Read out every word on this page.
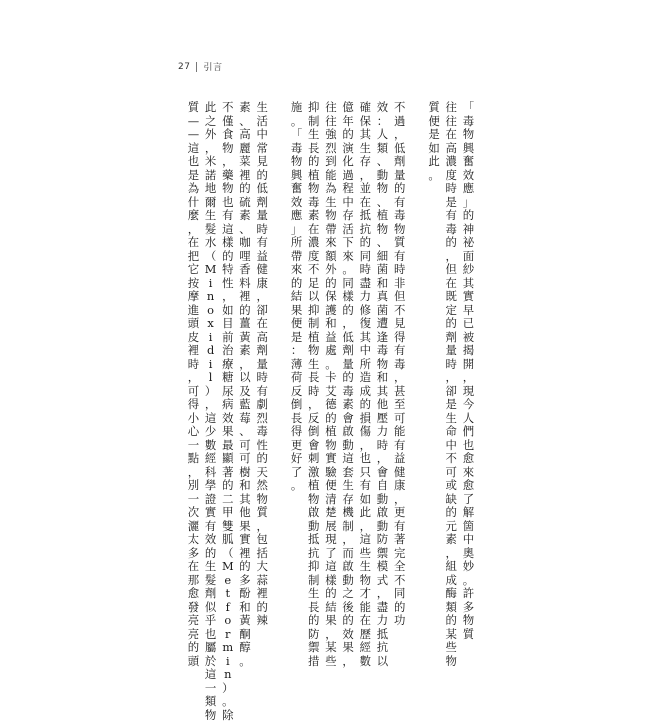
27 引言
「
毒
物
興
奮
效
應
」
的
神
祕
面
紗
其
實
早
已
被
揭
開
，
現
今
人
們
也
愈
來
愈
了
解
箇
中
奧
妙
。
許
多
物
質
往
往
在
高
濃
度
時
是
有
毒
的
，
但
在
既
定
的
劑
量
時
，
卻
是
生
命
中
不
可
或
缺
的
元
素
，
組
成
酶
類
的
某
些
物
質
便
是
如
此
。
不
過
，
低
劑
量
的
有
毒
物
質
有
時
非
但
不
見
得
有
毒
，
甚
至
可
能
有
益
健
康
，
更
有
著
完
全
不
同
的
功
效
：
人
類
、
動
物
、
植
物
、
細
菌
和
真
菌
遭
逢
毒
物
和
其
他
壓
力
時
，
會
自
動
啟
動
防
禦
模
式
，
盡
力
抵
抗
以
確
保
其
生
存
，
並
在
抵
抗
的
同
時
盡
力
修
復
其
中
所
造
成
的
損
傷
，
也
只
有
如
此
，
這
些
生
物
才
能
在
歷
經
數
億
年
的
演
化
過
程
中
存
活
下
來
。
同
樣
的
，
低
劑
量
的
毒
素
會
啟
動
這
套
生
存
機
制
，
而
啟
動
之
後
的
效
果
，
往
往
強
烈
到
能
為
生
物
帶
來
額
外
的
保
護
和
益
處
。
卡
艾
德
的
植
物
實
驗
便
清
楚
展
現
了
這
樣
的
結
果
，
某
些
抑
制
生
長
的
植
物
毒
素
在
濃
度
不
足
以
抑
制
植
物
生
長
時
，
反
倒
會
刺
激
植
物
啟
動
抵
抗
抑
制
生
長
的
防
禦
措
施
。
「
毒
物
興
奮
效
應
」
所
帶
來
的
結
果
便
是
：
薄
荷
反
倒
長
得
更
好
了
。
生
活
中
常
見
的
低
劑
量
時
有
益
健
康
，
卻
在
高
劑
量
時
有
劇
烈
毒
性
的
天
然
物
質
，
包
括
大
蒜
裡
的
辣
素
、
高
麗
菜
裡
的
硫
素
、
咖
哩
香
料
裡
的
薑
黃
素
，
以
及
藍
莓
、
可
可
樹
和
其
他
果
實
裡
的
多
酚
和
黃
酮
醇
。
不
僅
食
物
，
藥
物
也
有
這
樣
的
特
性
，
如
目
前
治
療
糖
尿
病
效
果
最
顯
著
的
二
甲
雙
胍
（
M
e
t
f
o
r
m
i
n
）
。
除
此
之
外
，
米
諾
地
爾
生
髮
水
（
M
i
n
o
x
i
d
i
l
）
，
這
少
數
經
科
學
證
實
有
效
的
生
髮
劑
似
乎
也
屬
於
這
一
類
物
質
—
—
這
也
是
為
什
麼
，
在
把
它
按
摩
進
頭
皮
裡
時
，
可
得
小
心
一
點
，
別
一
次
灑
太
多
在
那
愈
發
亮
亮
的
頭
